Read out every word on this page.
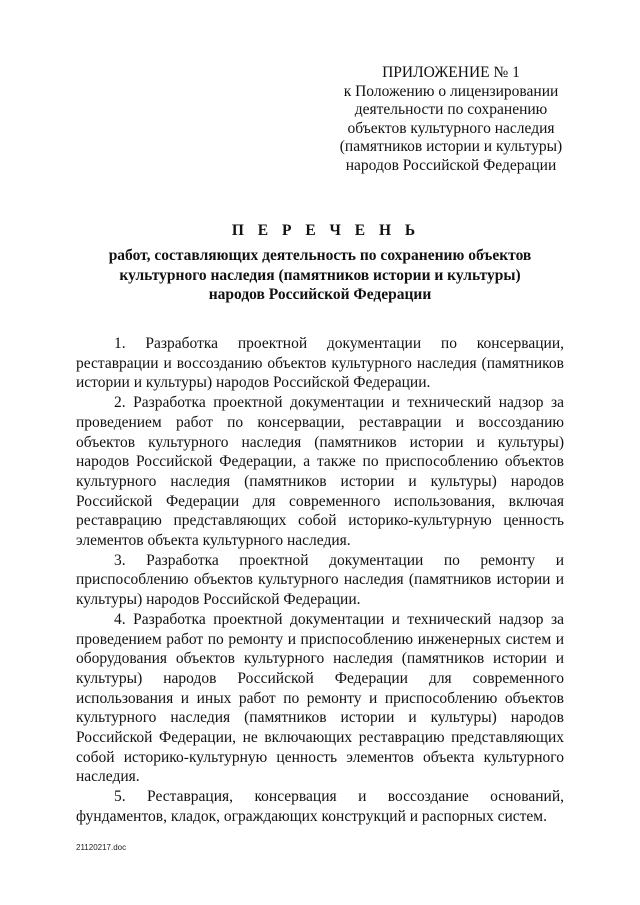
ПРИЛОЖЕНИЕ № 1
к Положению о лицензировании
деятельности по сохранению
объектов культурного наследия
(памятников истории и культуры)
народов Российской Федерации
П Е Р Е Ч Е Н Ь
работ, составляющих деятельность по сохранению объектов
культурного наследия (памятников истории и культуры)
народов Российской Федерации

1. Разработка проектной документации по консервации, реставрации и воссозданию объектов культурного наследия (памятников истории и культуры) народов Российской Федерации.

2. Разработка проектной документации и технический надзор за проведением работ по консервации, реставрации и воссозданию объектов культурного наследия (памятников истории и культуры) народов Российской Федерации, а также по приспособлению объектов культурного наследия (памятников истории и культуры) народов Российской Федерации для современного использования, включая реставрацию представляющих собой историко-культурную ценность элементов объекта культурного наследия.

3. Разработка проектной документации по ремонту и приспособлению объектов культурного наследия (памятников истории и культуры) народов Российской Федерации.

4. Разработка проектной документации и технический надзор за проведением работ по ремонту и приспособлению инженерных систем и оборудования объектов культурного наследия (памятников истории и культуры) народов Российской Федерации для современного использования и иных работ по ремонту и приспособлению объектов культурного наследия (памятников истории и культуры) народов Российской Федерации, не включающих реставрацию представляющих собой историко-культурную ценность элементов объекта культурного наследия.

5. Реставрация, консервация и воссоздание оснований, фундаментов, кладок, ограждающих конструкций и распорных систем.

21120217.doc
